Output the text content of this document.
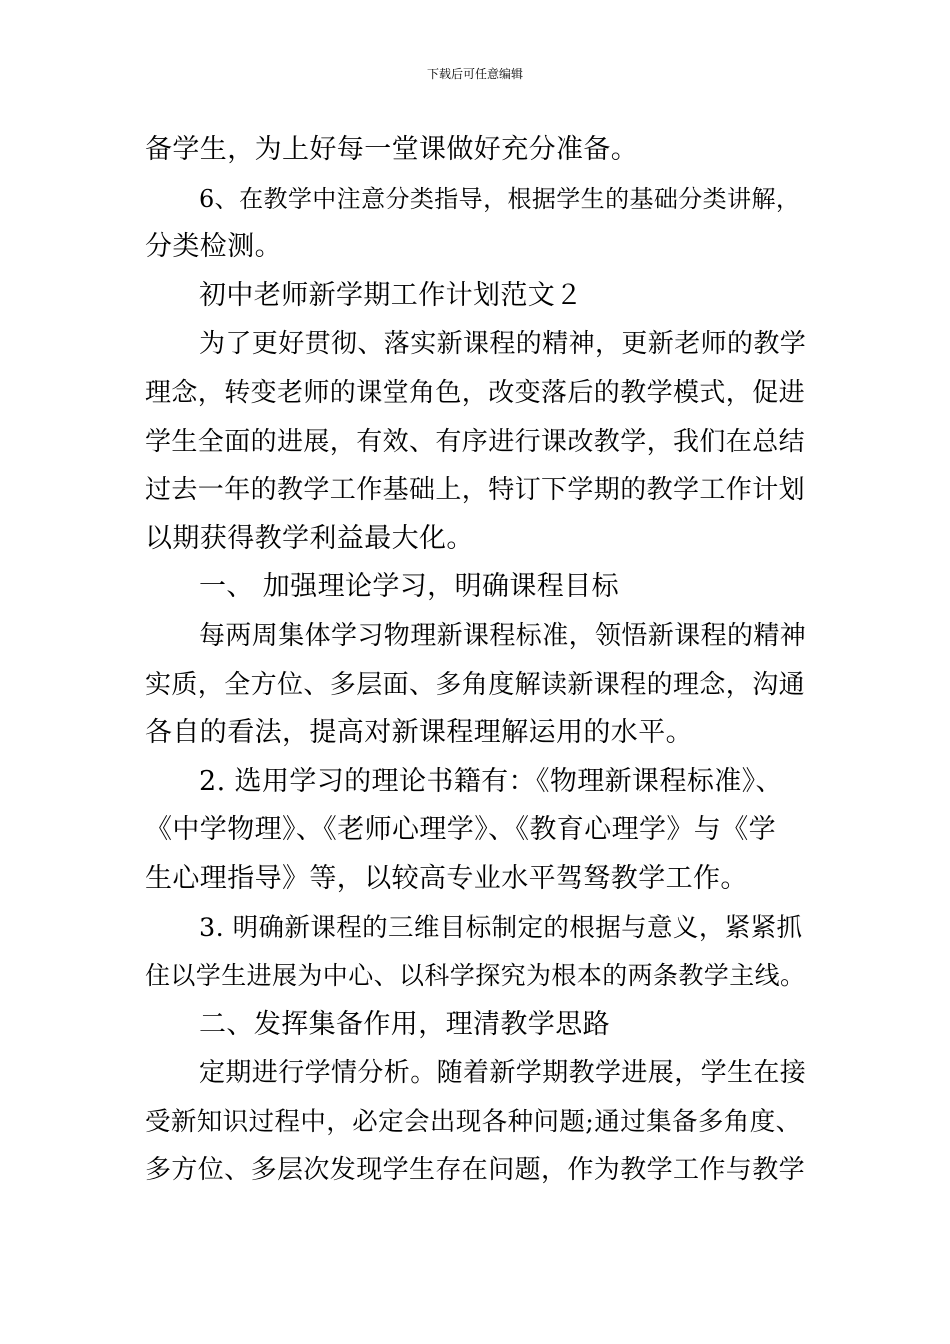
下载后可任意编辑

备学生，为上好每一堂课做好充分准备。

6、在教学中注意分类指导，根据学生的基础分类讲解，

分类检测。

初中老师新学期工作计划范文２

为了更好贯彻、落实新课程的精神，更新老师的教学

理念，转变老师的课堂角色，改变落后的教学模式，促进

学生全面的进展，有效、有序进行课改教学，我们在总结

过去一年的教学工作基础上，特订下学期的教学工作计划

以期获得教学利益最大化。

一、 加强理论学习，明确课程目标

每两周集体学习物理新课程标准，领悟新课程的精神

实质，全方位、多层面、多角度解读新课程的理念，沟通

各自的看法，提高对新课程理解运用的水平。

2. 选用学习的理论书籍有：《物理新课程标准》、

《中学物理》、《老师心理学》、《教育心理学》与《学

生心理指导》等，以较高专业水平驾驽教学工作。

3. 明确新课程的三维目标制定的根据与意义，紧紧抓

住以学生进展为中心、以科学探究为根本的两条教学主线。

二、发挥集备作用，理清教学思路

定期进行学情分析。随着新学期教学进展，学生在接

受新知识过程中，必定会出现各种问题;通过集备多角度、

多方位、多层次发现学生存在问题，作为教学工作与教学
